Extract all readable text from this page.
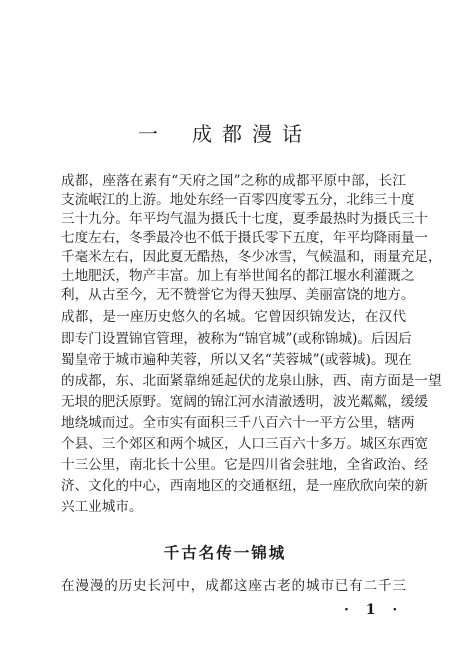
一 成都漫话
成都，座落在素有“天府之国”之称的成都平原中部，长江
支流岷江的上游。地处东经一百零四度零五分，北纬三十度
三十九分。年平均气温为摄氏十七度，夏季最热时为摄氏三十
七度左右，冬季最冷也不低于摄氏零下五度，年平均降雨量一
千毫米左右，因此夏无酷热，冬少冰雪，气候温和，雨量充足，
土地肥沃，物产丰富。加上有举世闻名的都江堰水利灌溉之
利，从古至今，无不赞誉它为得天独厚、美丽富饶的地方。
成都，是一座历史悠久的名城。它曾因织锦发达，在汉代
即专门设置锦官管理，被称为“锦官城”(或称锦城)。后因后
蜀皇帝于城市遍种芙蓉，所以又名“芙蓉城”(或蓉城)。现在
的成都，东、北面紧靠绵延起伏的龙泉山脉，西、南方面是一望
无垠的肥沃原野。宽阔的锦江河水清澈透明，波光粼粼，缓缓
地绕城而过。全市实有面积三千八百六十一平方公里，辖两
个县、三个郊区和两个城区，人口三百六十多万。城区东西宽
十三公里，南北长十公里。它是四川省会驻地，全省政治、经
济、文化的中心，西南地区的交通枢纽，是一座欣欣向荣的新
兴工业城市。
千古名传一锦城
在漫漫的历史长河中，成都这座古老的城市已有二千三
· 1 ·
